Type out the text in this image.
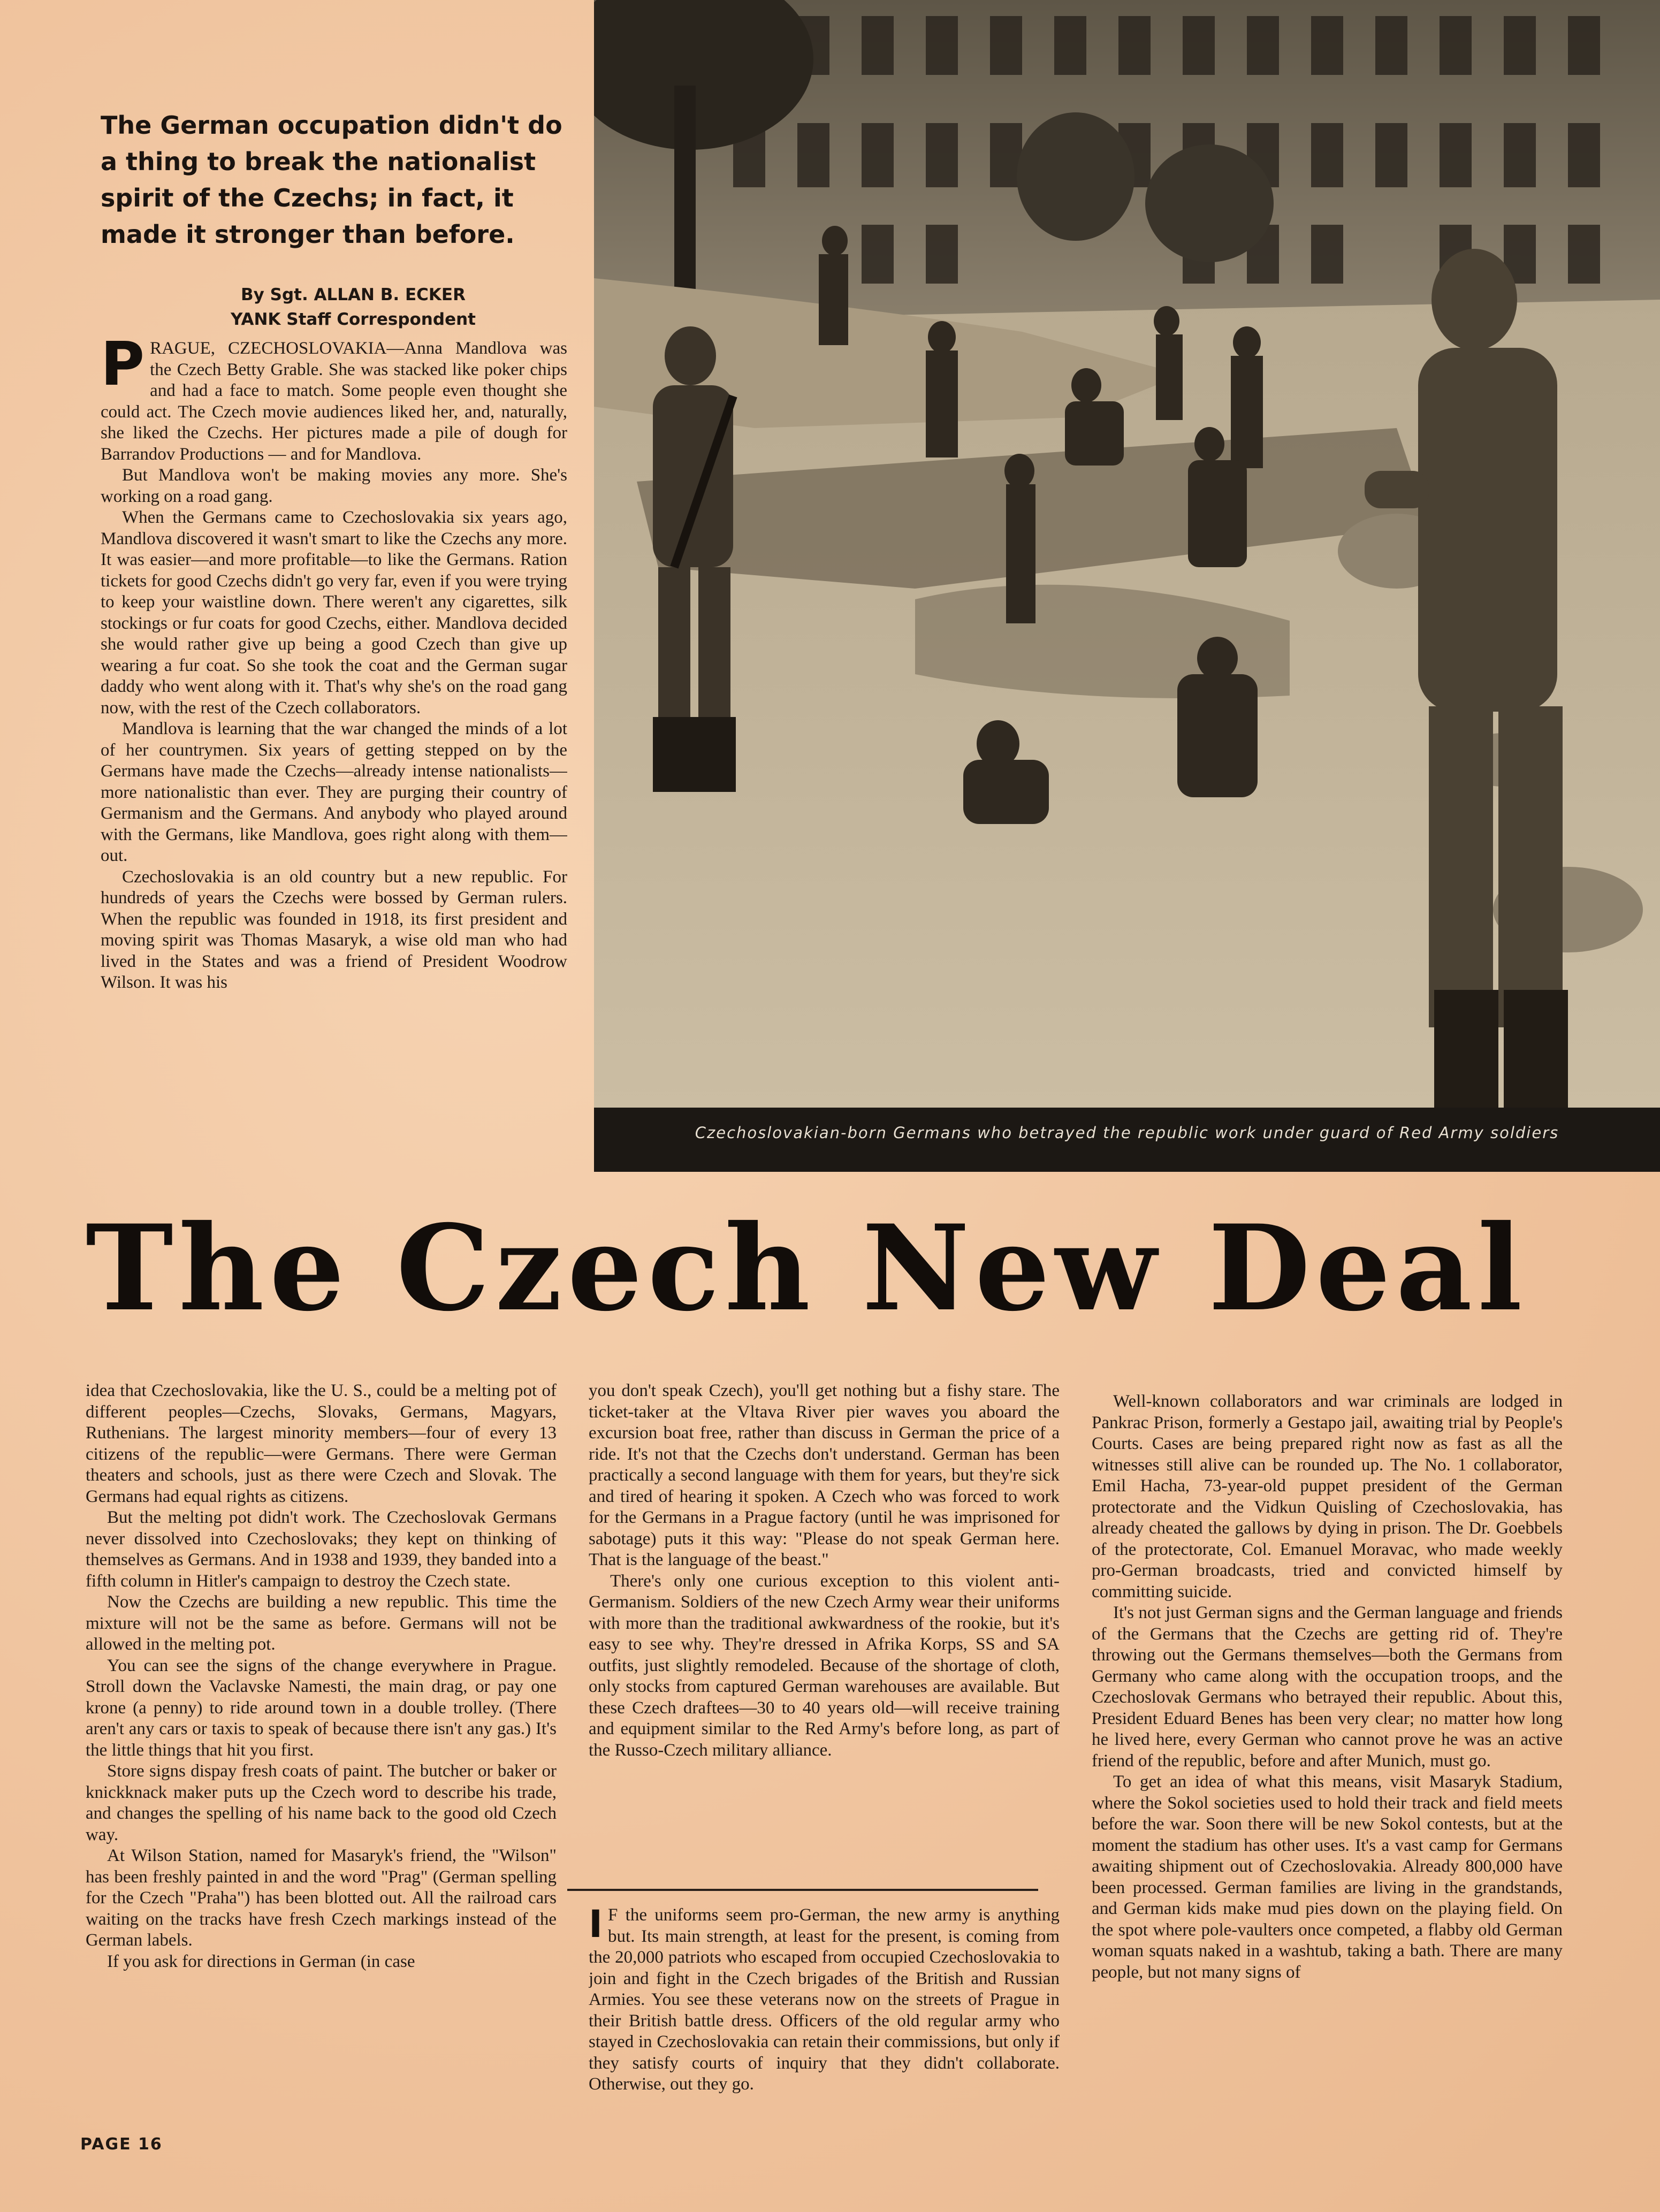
The German occupation didn't do a thing to break the nationalist spirit of the Czechs; in fact, it made it stronger than before.
By Sgt. ALLAN B. ECKER
YANK Staff Correspondent

PRAGUE, CZECHOSLOVAKIA—Anna Mandlova was the Czech Betty Grable. She was stacked like poker chips and had a face to match. Some people even thought she could act. The Czech movie audiences liked her, and, naturally, she liked the Czechs. Her pictures made a pile of dough for Barrandov Productions — and for Mandlova.

But Mandlova won't be making movies any more. She's working on a road gang.

When the Germans came to Czechoslovakia six years ago, Mandlova discovered it wasn't smart to like the Czechs any more. It was easier—and more profitable—to like the Germans. Ration tickets for good Czechs didn't go very far, even if you were trying to keep your waistline down. There weren't any cigarettes, silk stockings or fur coats for good Czechs, either. Mandlova decided she would rather give up being a good Czech than give up wearing a fur coat. So she took the coat and the German sugar daddy who went along with it. That's why she's on the road gang now, with the rest of the Czech collaborators.

Mandlova is learning that the war changed the minds of a lot of her countrymen. Six years of getting stepped on by the Germans have made the Czechs—already intense nationalists—more nationalistic than ever. They are purging their country of Germanism and the Germans. And anybody who played around with the Germans, like Mandlova, goes right along with them—out.

Czechoslovakia is an old country but a new republic. For hundreds of years the Czechs were bossed by German rulers. When the republic was founded in 1918, its first president and moving spirit was Thomas Masaryk, a wise old man who had lived in the States and was a friend of President Woodrow Wilson. It was his

Czechoslovakian-born Germans who betrayed the republic work under guard of Red Army soldiers
The Czech New Deal

idea that Czechoslovakia, like the U. S., could be a melting pot of different peoples—Czechs, Slovaks, Germans, Magyars, Ruthenians. The largest minority members—four of every 13 citizens of the republic—were Germans. There were German theaters and schools, just as there were Czech and Slovak. The Germans had equal rights as citizens.

But the melting pot didn't work. The Czechoslovak Germans never dissolved into Czechoslovaks; they kept on thinking of themselves as Germans. And in 1938 and 1939, they banded into a fifth column in Hitler's campaign to destroy the Czech state.

Now the Czechs are building a new republic. This time the mixture will not be the same as before. Germans will not be allowed in the melting pot.

You can see the signs of the change everywhere in Prague. Stroll down the Vaclavske Namesti, the main drag, or pay one krone (a penny) to ride around town in a double trolley. (There aren't any cars or taxis to speak of because there isn't any gas.) It's the little things that hit you first.

Store signs dispay fresh coats of paint. The butcher or baker or knickknack maker puts up the Czech word to describe his trade, and changes the spelling of his name back to the good old Czech way.

At Wilson Station, named for Masaryk's friend, the "Wilson" has been freshly painted in and the word "Prag" (German spelling for the Czech "Praha") has been blotted out. All the railroad cars waiting on the tracks have fresh Czech markings instead of the German labels.

If you ask for directions in German (in case

you don't speak Czech), you'll get nothing but a fishy stare. The ticket-taker at the Vltava River pier waves you aboard the excursion boat free, rather than discuss in German the price of a ride. It's not that the Czechs don't understand. German has been practically a second language with them for years, but they're sick and tired of hearing it spoken. A Czech who was forced to work for the Germans in a Prague factory (until he was imprisoned for sabotage) puts it this way: "Please do not speak German here. That is the language of the beast."

There's only one curious exception to this violent anti-Germanism. Soldiers of the new Czech Army wear their uniforms with more than the traditional awkwardness of the rookie, but it's easy to see why. They're dressed in Afrika Korps, SS and SA outfits, just slightly remodeled. Because of the shortage of cloth, only stocks from captured German warehouses are available. But these Czech draftees—30 to 40 years old—will receive training and equipment similar to the Red Army's before long, as part of the Russo-Czech military alliance.

I F the uniforms seem pro-German, the new army is anything but. Its main strength, at least for the present, is coming from the 20,000 patriots who escaped from occupied Czechoslovakia to join and fight in the Czech brigades of the British and Russian Armies. You see these veterans now on the streets of Prague in their British battle dress. Officers of the old regular army who stayed in Czechoslovakia can retain their commissions, but only if they satisfy courts of inquiry that they didn't collaborate. Otherwise, out they go.

Well-known collaborators and war criminals are lodged in Pankrac Prison, formerly a Gestapo jail, awaiting trial by People's Courts. Cases are being prepared right now as fast as all the witnesses still alive can be rounded up. The No. 1 collaborator, Emil Hacha, 73-year-old puppet president of the German protectorate and the Vidkun Quisling of Czechoslovakia, has already cheated the gallows by dying in prison. The Dr. Goebbels of the protectorate, Col. Emanuel Moravac, who made weekly pro-German broadcasts, tried and convicted himself by committing suicide.

It's not just German signs and the German language and friends of the Germans that the Czechs are getting rid of. They're throwing out the Germans themselves—both the Germans from Germany who came along with the occupation troops, and the Czechoslovak Germans who betrayed their republic. About this, President Eduard Benes has been very clear; no matter how long he lived here, every German who cannot prove he was an active friend of the republic, before and after Munich, must go.

To get an idea of what this means, visit Masaryk Stadium, where the Sokol societies used to hold their track and field meets before the war. Soon there will be new Sokol contests, but at the moment the stadium has other uses. It's a vast camp for Germans awaiting shipment out of Czechoslovakia. Already 800,000 have been processed. German families are living in the grandstands, and German kids make mud pies down on the playing field. On the spot where pole-vaulters once competed, a flabby old German woman squats naked in a washtub, taking a bath. There are many people, but not many signs of

PAGE 16
